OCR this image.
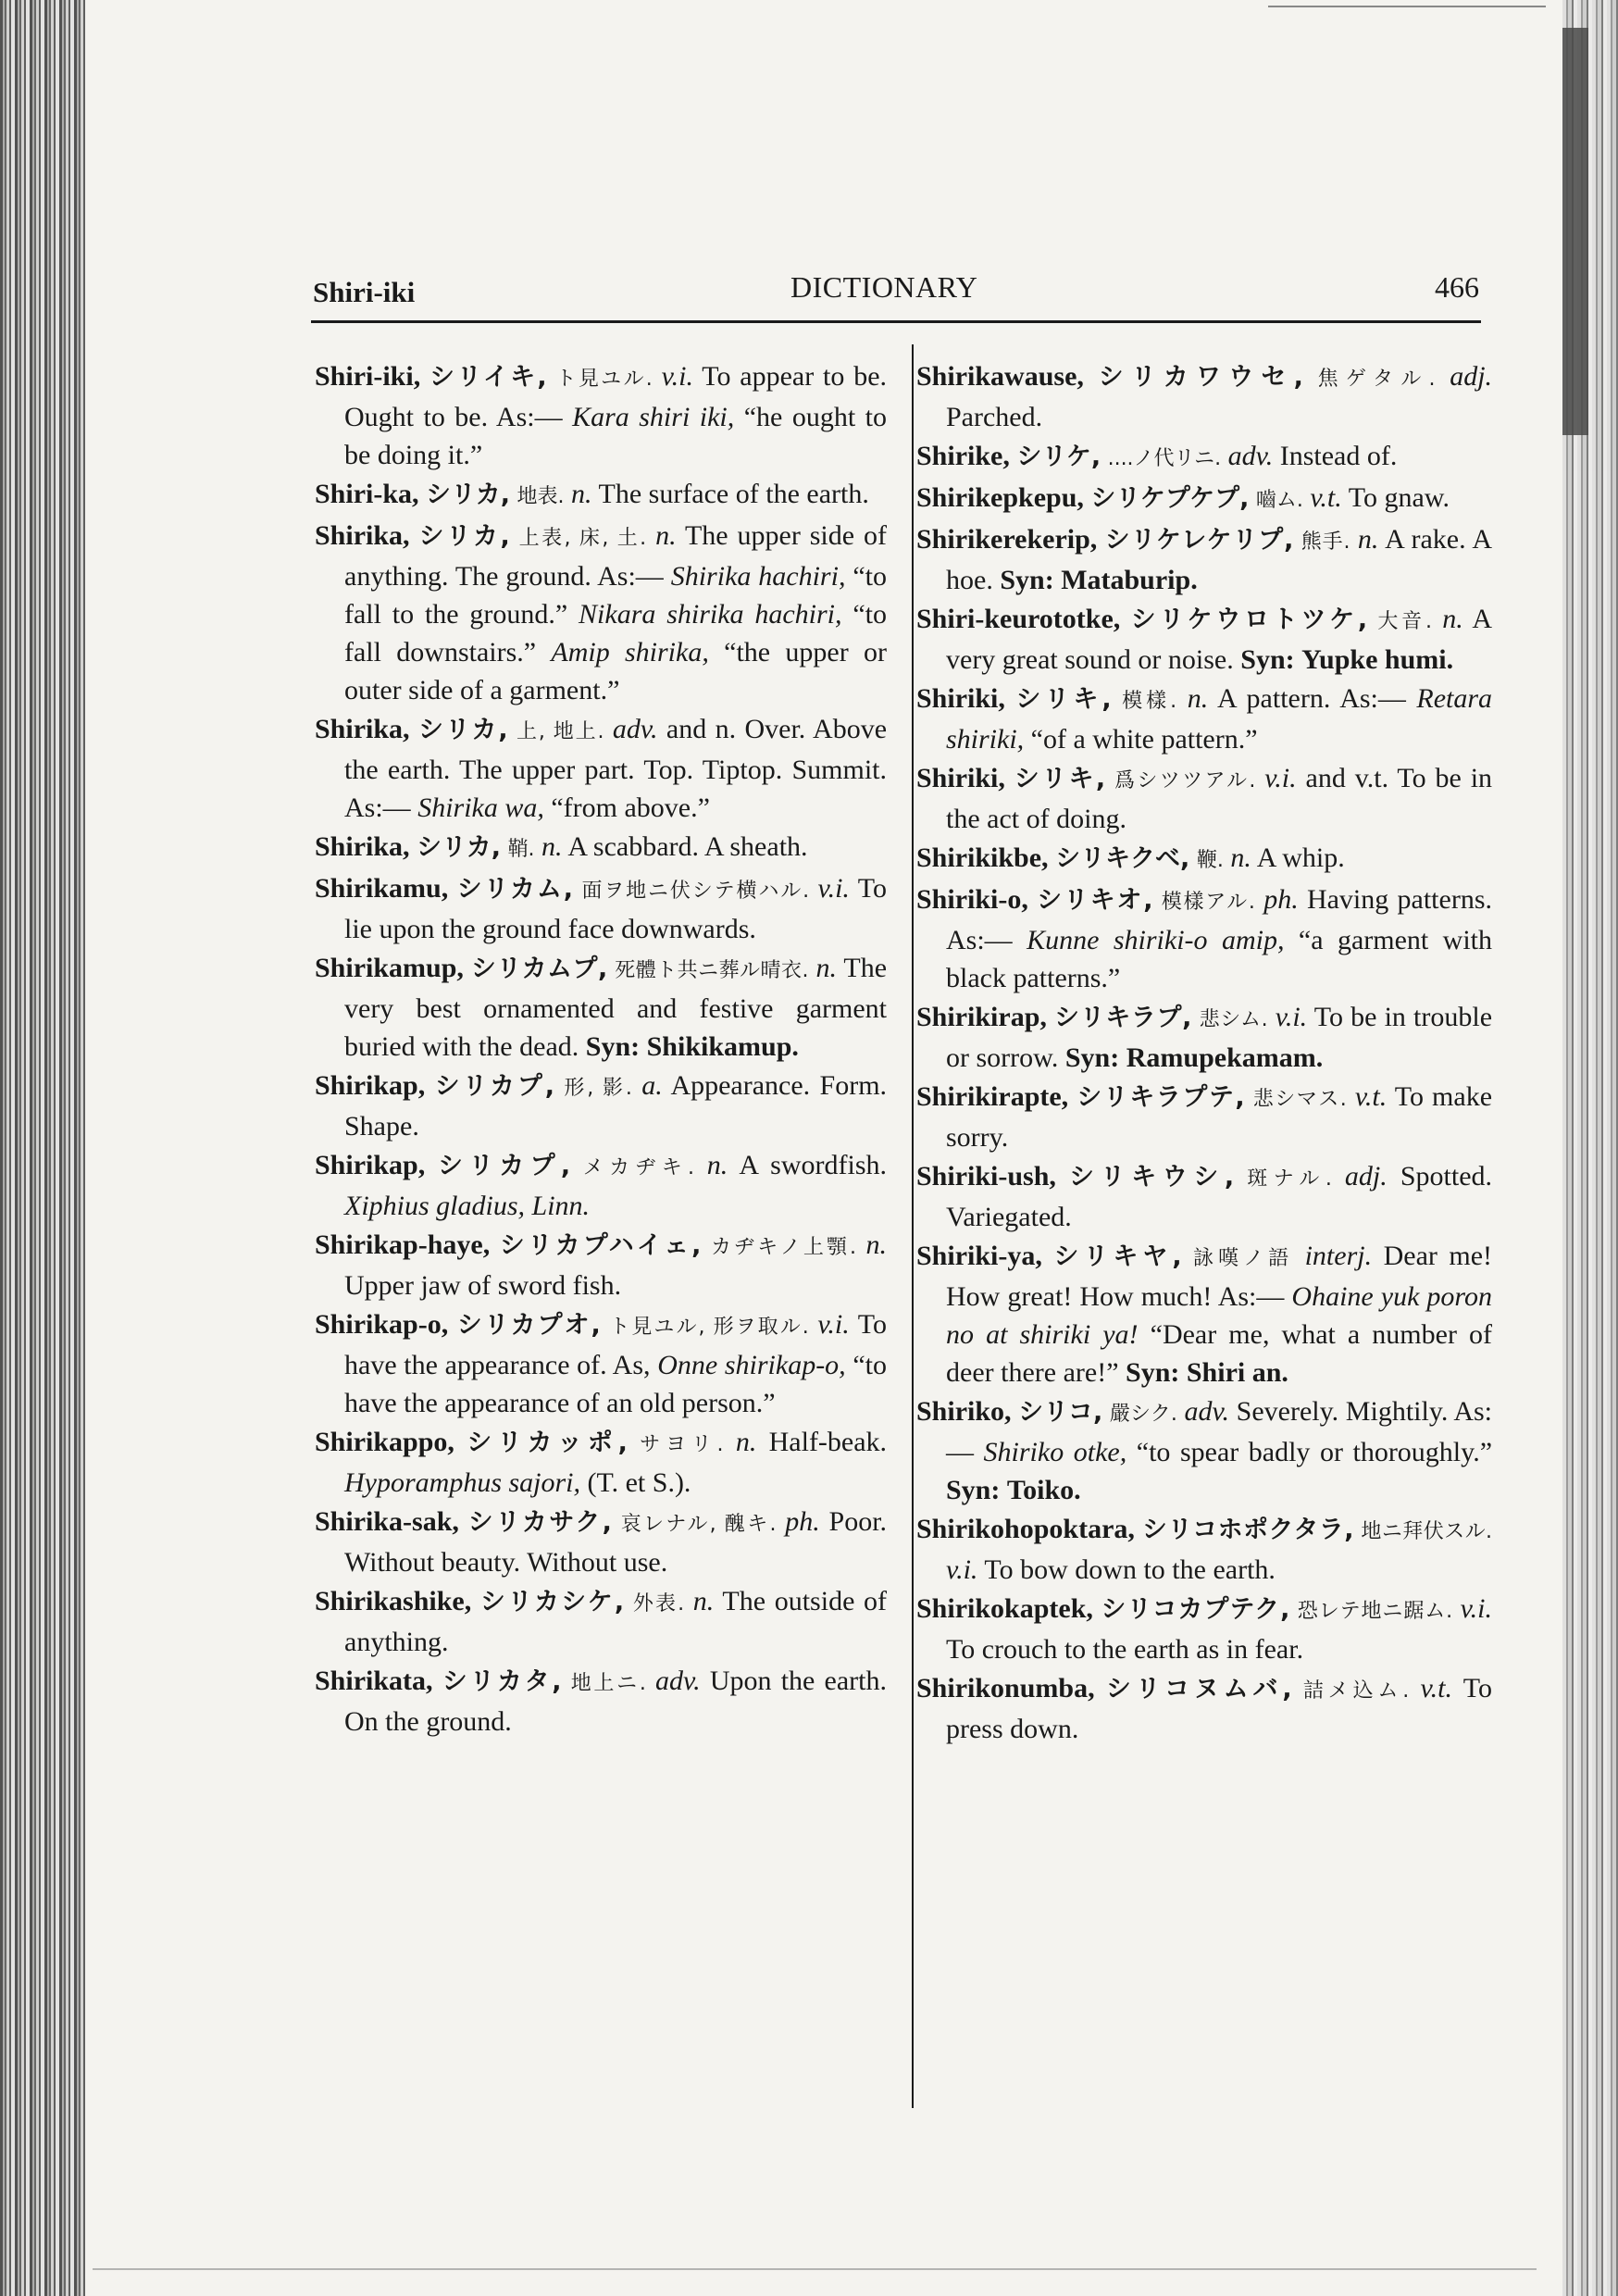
Shiri-iki	DICTIONARY	466

Shiri-iki, シリイキ, ト見ユル. v.i. To appear to be. Ought to be. As:— Kara shiri iki, “he ought to be doing it.”

Shiri-ka, シリカ, 地表. n. The surface of the earth.

Shirika, シリカ, 上表, 床, 土. n. The upper side of anything. The ground. As:— Shirika hachiri, “to fall to the ground.” Nikara shirika hachiri, “to fall downstairs.” Amip shirika, “the upper or outer side of a garment.”

Shirika, シリカ, 上, 地上. adv. and n. Over. Above the earth. The upper part. Top. Tiptop. Summit. As:— Shirika wa, “from above.”

Shirika, シリカ, 鞘. n. A scabbard. A sheath.

Shirikamu, シリカム, 面ヲ地ニ伏シテ横ハル. v.i. To lie upon the ground face downwards.

Shirikamup, シリカムプ, 死體ト共ニ葬ル晴衣. n. The very best ornamented and festive garment buried with the dead. Syn: Shikikamup.

Shirikap, シリカプ, 形, 影. a. Appearance. Form. Shape.

Shirikap, シリカプ, メカヂキ. n. A swordfish. Xiphius gladius, Linn.

Shirikap-haye, シリカプハイェ, カヂキノ上顎. n. Upper jaw of sword fish.

Shirikap-o, シリカプオ, ト見ユル, 形ヲ取ル. v.i. To have the appearance of. As, Onne shirikap-o, “to have the appearance of an old person.”

Shirikappo, シリカッポ, サヨリ. n. Half-beak. Hyporamphus sajori, (T. et S.).

Shirika-sak, シリカサク, 哀レナル, 醜キ. ph. Poor. Without beauty. Without use.

Shirikashike, シリカシケ, 外表. n. The outside of anything.

Shirikata, シリカタ, 地上ニ. adv. Upon the earth. On the ground.

Shirikawause, シリカワウセ, 焦ゲタル. adj. Parched.

Shirike, シリケ, ....ノ代リニ. adv. Instead of.

Shirikepkepu, シリケプケプ, 嚙ム. v.t. To gnaw.

Shirikerekerip, シリケレケリプ, 熊手. n. A rake. A hoe. Syn: Mataburip.

Shiri-keurototke, シリケウロトツケ, 大音. n. A very great sound or noise. Syn: Yupke humi.

Shiriki, シリキ, 模樣. n. A pattern. As:— Retara shiriki, “of a white pattern.”

Shiriki, シリキ, 爲シツツアル. v.i. and v.t. To be in the act of doing.

Shirikikbe, シリキクベ, 鞭. n. A whip.

Shiriki-o, シリキオ, 模樣アル. ph. Having patterns. As:— Kunne shiriki-o amip, “a garment with black patterns.”

Shirikirap, シリキラプ, 悲シム. v.i. To be in trouble or sorrow. Syn: Ramupekamam.

Shirikirapte, シリキラプテ, 悲シマス. v.t. To make sorry.

Shiriki-ush, シリキウシ, 斑ナル. adj. Spotted. Variegated.

Shiriki-ya, シリキヤ, 詠嘆ノ語 interj. Dear me! How great! How much! As:— Ohaine yuk poron no at shiriki ya! “Dear me, what a number of deer there are!” Syn: Shiri an.

Shiriko, シリコ, 嚴シク. adv. Severely. Mightily. As:— Shiriko otke, “to spear badly or thoroughly.” Syn: Toiko.

Shirikohopoktara, シリコホポクタラ, 地ニ拜伏スル. v.i. To bow down to the earth.

Shirikokaptek, シリコカプテク, 恐レテ地ニ踞ム. v.i. To crouch to the earth as in fear.

Shirikonumba, シリコヌムバ, 詰メ込ム. v.t. To press down.
